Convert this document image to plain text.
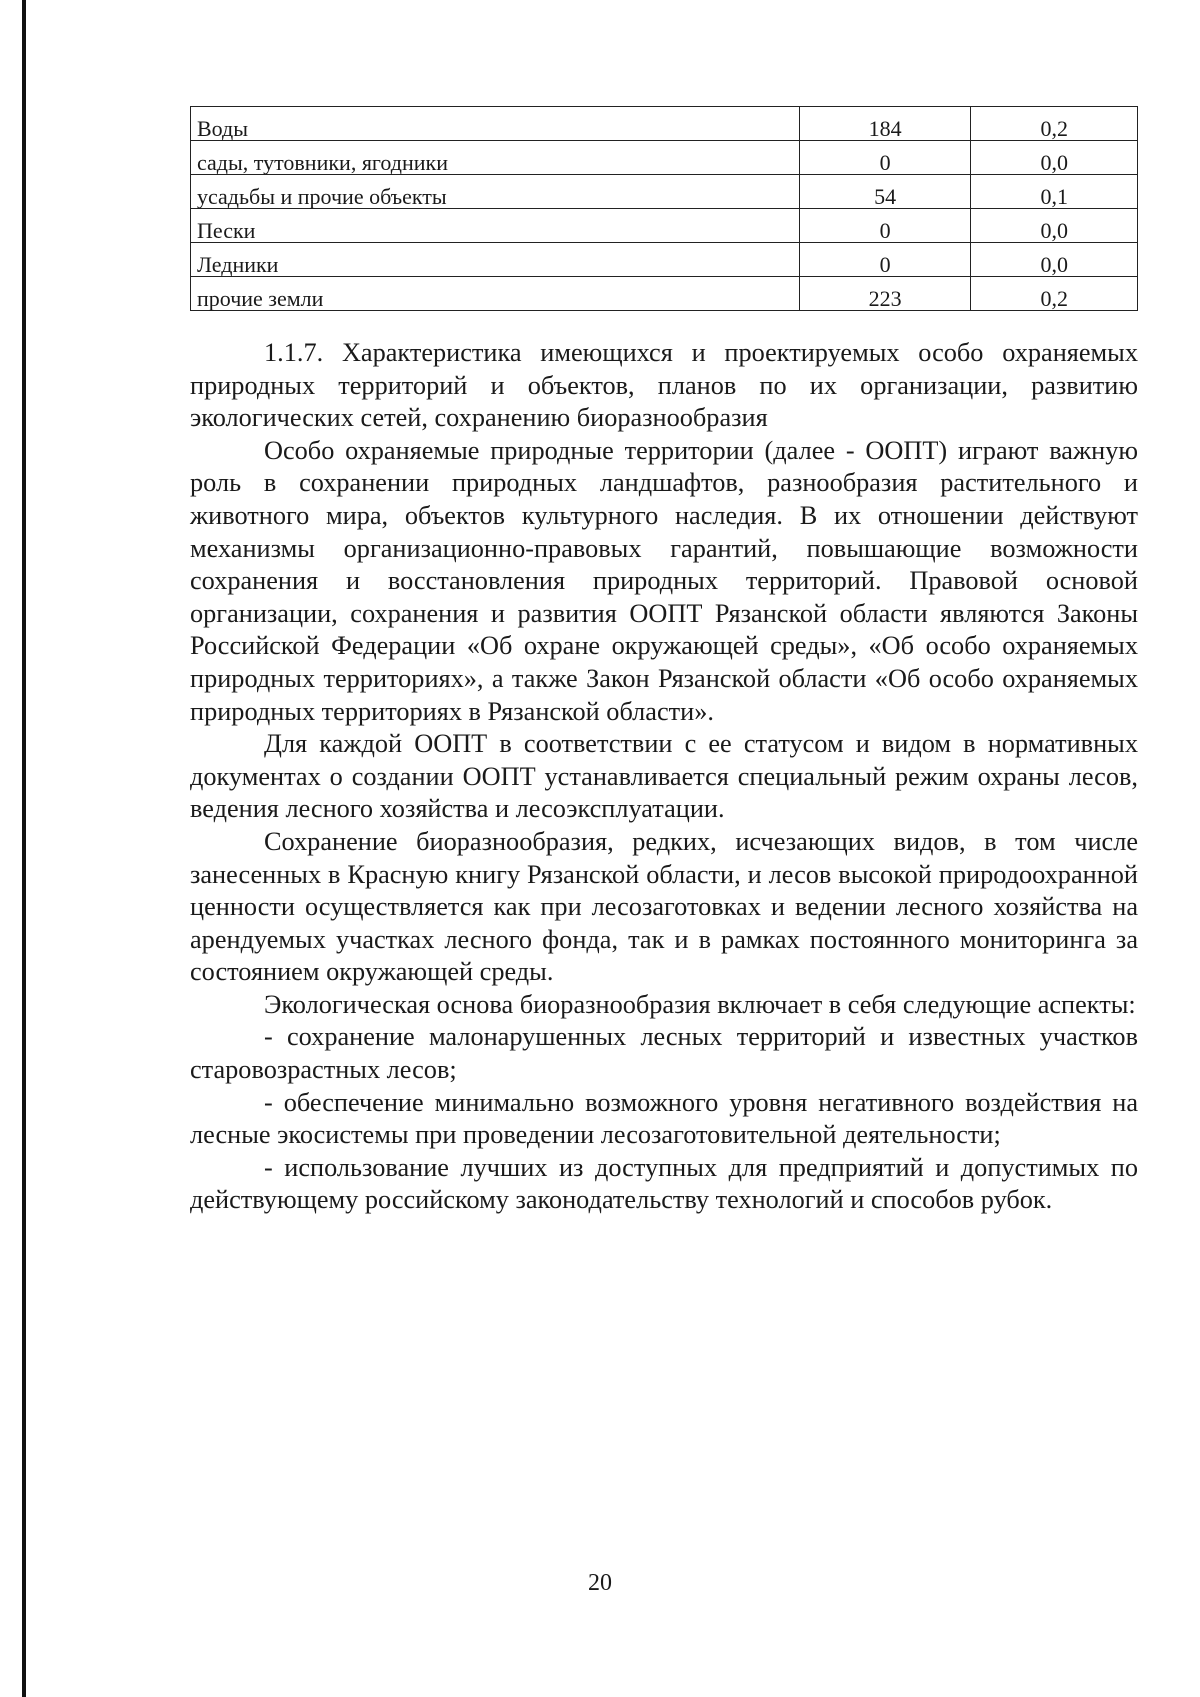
Воды	184	0,2
сады, тутовники, ягодники	0	0,0
усадьбы и прочие объекты	54	0,1
Пески	0	0,0
Ледники	0	0,0
прочие земли	223	0,2

1.1.7. Характеристика имеющихся и проектируемых особо охраняемых природных территорий и объектов, планов по их организации, развитию экологических сетей, сохранению биоразнообразия

Особо охраняемые природные территории (далее - ООПТ) играют важную роль в сохранении природных ландшафтов, разнообразия растительного и животного мира, объектов культурного наследия. В их отношении действуют механизмы организационно-правовых гарантий, повышающие возможности сохранения и восстановления природных территорий. Правовой основой организации, сохранения и развития ООПТ Рязанской области являются Законы Российской Федерации «Об охране окружающей среды», «Об особо охраняемых природных территориях», а также Закон Рязанской области «Об особо охраняемых природных территориях в Рязанской области».

Для каждой ООПТ в соответствии с ее статусом и видом в нормативных документах о создании ООПТ устанавливается специальный режим охраны лесов, ведения лесного хозяйства и лесоэксплуатации.

Сохранение биоразнообразия, редких, исчезающих видов, в том числе занесенных в Красную книгу Рязанской области, и лесов высокой природоохранной ценности осуществляется как при лесозаготовках и ведении лесного хозяйства на арендуемых участках лесного фонда, так и в рамках постоянного мониторинга за состоянием окружающей среды.

Экологическая основа биоразнообразия включает в себя следующие аспекты:

- сохранение малонарушенных лесных территорий и известных участков старовозрастных лесов;

- обеспечение минимально возможного уровня негативного воздействия на лесные экосистемы при проведении лесозаготовительной деятельности;

- использование лучших из доступных для предприятий и допустимых по действующему российскому законодательству технологий и способов рубок.

20
